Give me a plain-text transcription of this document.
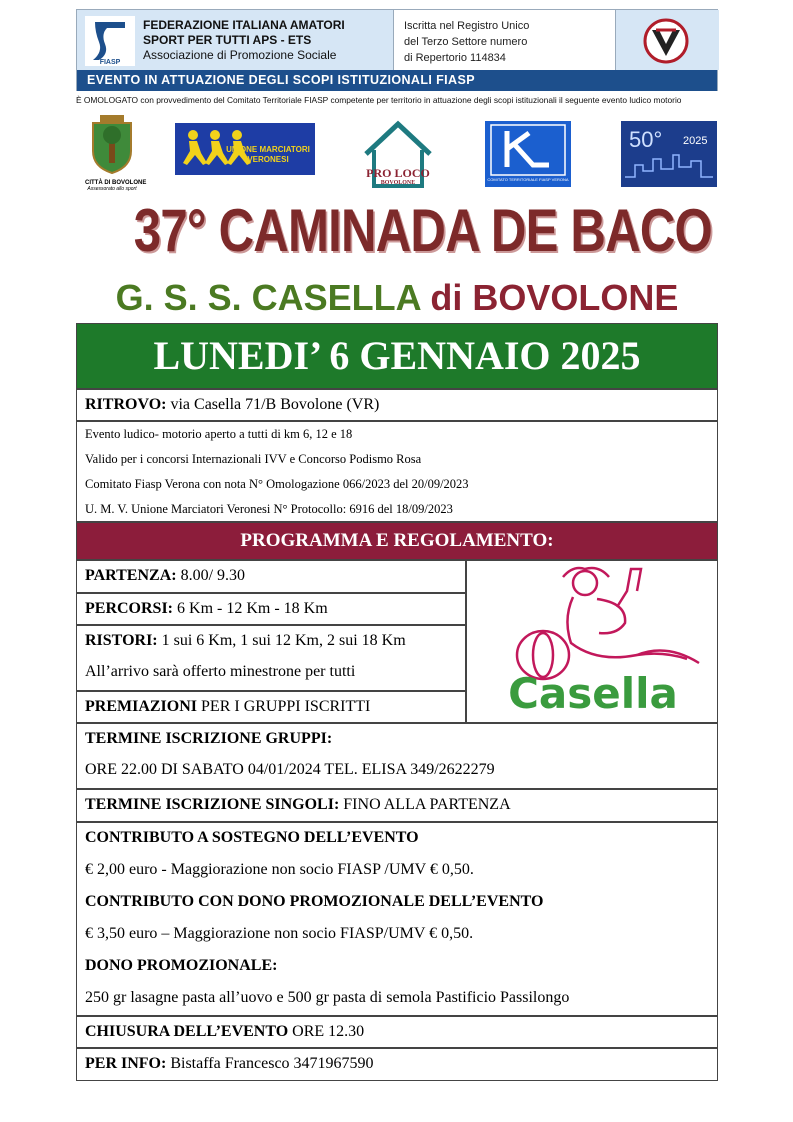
FIASP
FEDERAZIONE ITALIANA AMATORI
SPORT PER TUTTI APS - ETS
Associazione di Promozione Sociale
Iscritta nel Registro Unico
del Terzo Settore numero
di Repertorio 114834
EVENTO IN ATTUAZIONE DEGLI SCOPI ISTITUZIONALI FIASP
È OMOLOGATO con provvedimento del Comitato Territoriale FIASP competente per territorio in attuazione degli scopi istituzionali il seguente evento ludico motorio
CITTÀ DI BOVOLONE
Assessorato allo sport
UNIONE MARCIATORI VERONESI
PRO LOCO
BOVOLONE
COMITATO TERRITORIALE FIASP VERONA
50° 2025
37° CAMINADA DE BACO
G. S. S. CASELLA di BOVOLONE
LUNEDI’ 6 GENNAIO 2025
RITROVO: via Casella 71/B Bovolone (VR)
Evento ludico- motorio aperto a tutti di km 6, 12 e 18
Valido per i concorsi Internazionali IVV e Concorso Podismo Rosa
Comitato Fiasp Verona con nota N° Omologazione 066/2023 del 20/09/2023
U. M. V. Unione Marciatori Veronesi N° Protocollo: 6916 del 18/09/2023
PROGRAMMA E REGOLAMENTO:
PARTENZA: 8.00/ 9.30
PERCORSI: 6 Km - 12 Km - 18 Km
RISTORI: 1 sui 6 Km, 1 sui 12 Km, 2 sui 18 Km
All’arrivo sarà offerto minestrone per tutti
PREMIAZIONI PER I GRUPPI ISCRITTI	Casella
TERMINE ISCRIZIONE GRUPPI:
ORE 22.00 DI SABATO 04/01/2024 TEL. ELISA 349/2622279
TERMINE ISCRIZIONE SINGOLI: FINO ALLA PARTENZA
CONTRIBUTO A SOSTEGNO DELL’EVENTO
€ 2,00 euro - Maggiorazione non socio FIASP /UMV € 0,50.
CONTRIBUTO CON DONO PROMOZIONALE DELL’EVENTO
€ 3,50 euro – Maggiorazione non socio FIASP/UMV € 0,50.
DONO PROMOZIONALE:
250 gr lasagne pasta all’uovo e 500 gr pasta di semola Pastificio Passilongo
CHIUSURA DELL’EVENTO ORE 12.30
PER INFO: Bistaffa Francesco 3471967590
